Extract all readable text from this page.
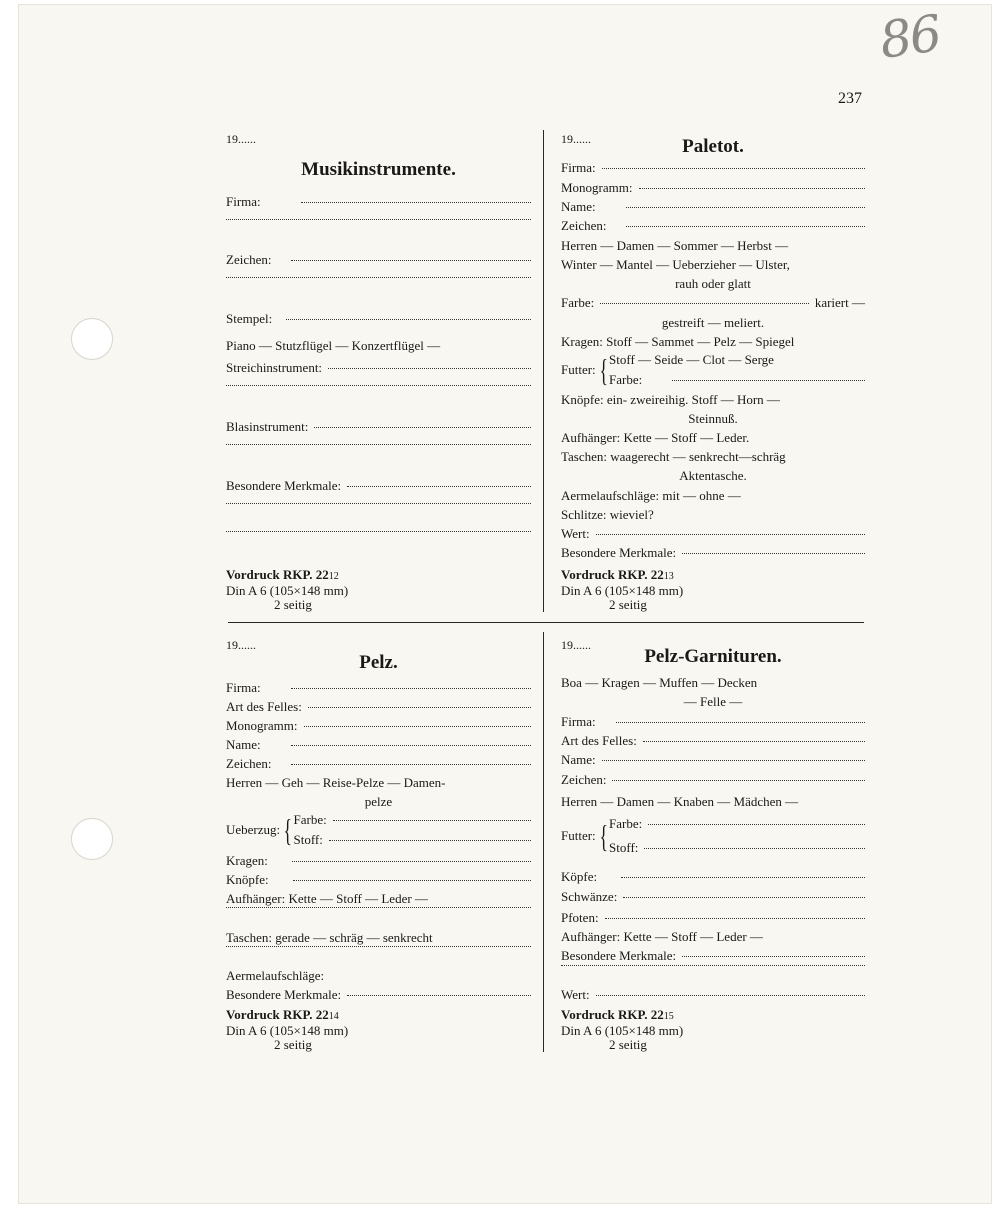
86
237
19......
Musikinstrumente.
Firma:
Zeichen:
Stempel:
Piano — Stutzflügel — Konzertflügel —
Streichinstrument:
Blasinstrument:
Besondere Merkmale:
Vordruck RKP. 2212
Din A 6 (105×148 mm)
2 seitig
19......	Paletot.
Firma:
Monogramm:
Name:
Zeichen:
Herren — Damen — Sommer — Herbst —
Winter — Mantel — Ueberzieher — Ulster,
rauh oder glatt
Farbe:	kariert —
gestreift — meliert.
Kragen: Stoff — Sammet — Pelz — Spiegel
Futter: { Stoff — Seide — Clot — Serge
Farbe:
Knöpfe: ein- zweireihig. Stoff — Horn —
Steinnuß.
Aufhänger: Kette — Stoff — Leder.
Taschen: waagerecht — senkrecht—schräg
Aktentasche.
Aermelaufschläge: mit — ohne —
Schlitze: wieviel?
Wert:
Besondere Merkmale:
Vordruck RKP. 2213
Din A 6 (105×148 mm)
2 seitig
19......
Pelz.
Firma:
Art des Felles:
Monogramm:
Name:
Zeichen:
Herren — Geh — Reise-Pelze — Damen-
pelze
Ueberzug: { Farbe:
Stoff:
Kragen:
Knöpfe:
Aufhänger: Kette — Stoff — Leder —
Taschen: gerade — schräg — senkrecht
Aermelaufschläge:
Besondere Merkmale:
Vordruck RKP. 2214
Din A 6 (105×148 mm)
2 seitig
19......
Pelz-Garnituren.
Boa — Kragen — Muffen — Decken
— Felle —
Firma:
Art des Felles:
Name:
Zeichen:
Herren — Damen — Knaben — Mädchen —
Futter: { Farbe:
Stoff:
Köpfe:
Schwänze:
Pfoten:
Aufhänger: Kette — Stoff — Leder —
Besondere Merkmale:
Wert:
Vordruck RKP. 2215
Din A 6 (105×148 mm)
2 seitig
